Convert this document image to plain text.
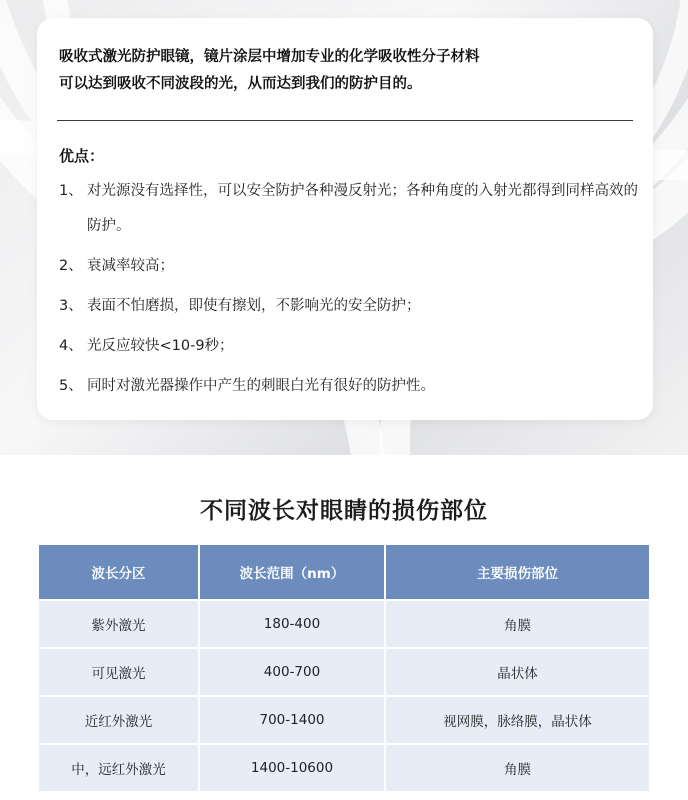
吸收式激光防护眼镜，镜片涂层中增加专业的化学吸收性分子材料
可以达到吸收不同波段的光，从而达到我们的防护目的。
优点：
1、 对光源没有选择性，可以安全防护各种漫反射光；各种角度的入射光都得到同样高效的防护。
2、 衰减率较高；
3、 表面不怕磨损，即使有擦划，不影响光的安全防护；
4、 光反应较快<10-9秒；
5、 同时对激光器操作中产生的刺眼白光有很好的防护性。
不同波长对眼睛的损伤部位
波长分区	波长范围（nm）	主要损伤部位
紫外激光	180-400	角膜
可见激光	400-700	晶状体
近红外激光	700-1400	视网膜，脉络膜，晶状体
中，远红外激光	1400-10600	角膜
